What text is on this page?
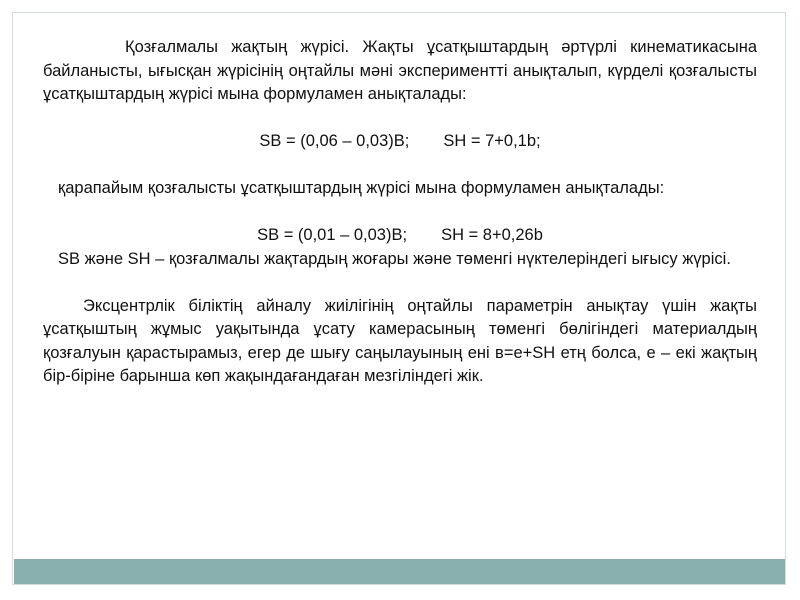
Қозғалмалы жақтың жүрісі. Жақты ұсатқыштардың әртүрлі кинематикасына байланысты, ығысқан жүрісінің оңтайлы мәні экспериментті анықталып, күрделі қозғалысты ұсатқыштардың жүрісі мына формуламен анықталады:

SB = (0,06 – 0,03)B; SH = 7+0,1b;

қарапайым қозғалысты ұсатқыштардың жүрісі мына формуламен анықталады:

SB = (0,01 – 0,03)B; SH = 8+0,26b

SB және SH – қозғалмалы жақтардың жоғары және төменгі нүктелеріндегі ығысу жүрісі.

Эксцентрлік біліктің айналу жиілігінің оңтайлы параметрін анықтау үшін жақты ұсатқыштың жұмыс уақытында ұсату камерасының төменгі бөлігіндегі материалдың қозғалуын қарастырамыз, егер де шығу саңылауының ені в=е+SH етң болса, е – екі жақтың бір-біріне барынша көп жақындағандаған мезгіліндегі жік.
